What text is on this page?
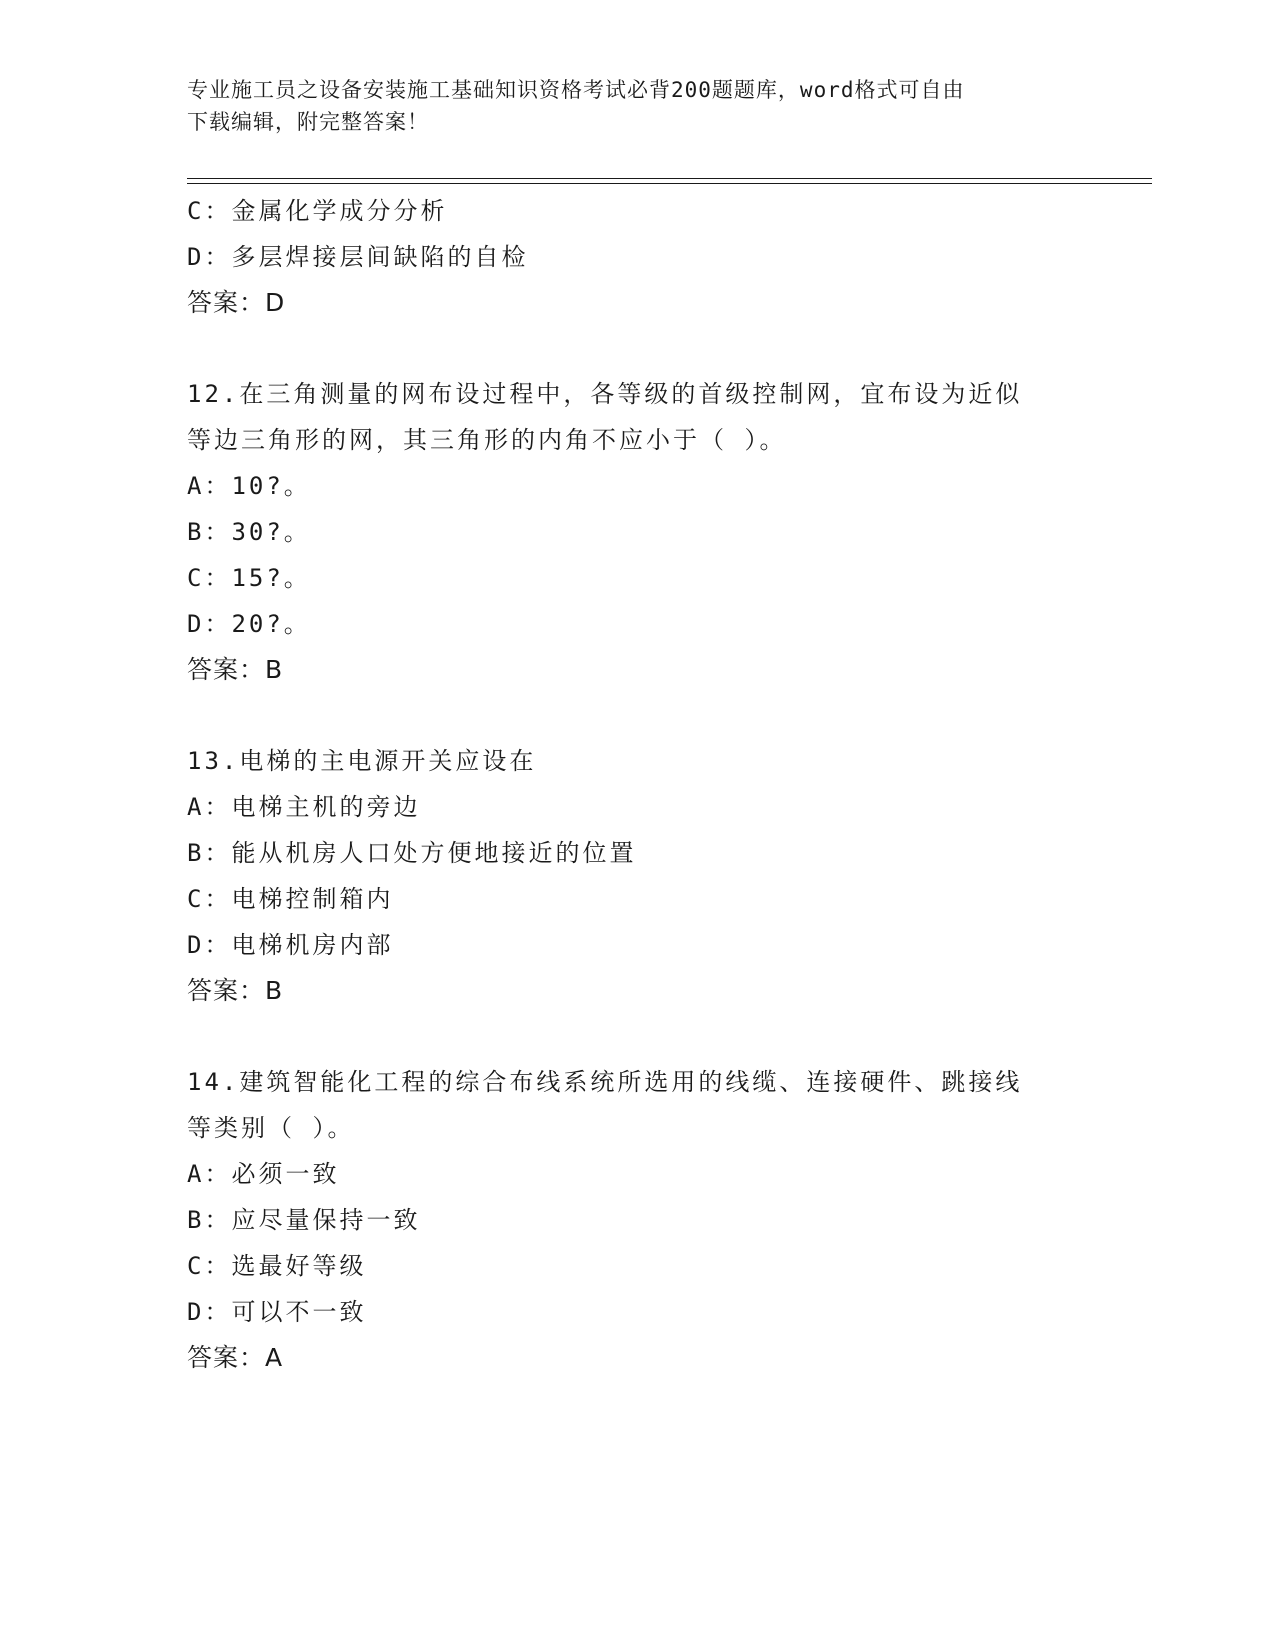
专业施工员之设备安装施工基础知识资格考试必背200题题库，word格式可自由
下载编辑，附完整答案！
C：金属化学成分分析
D：多层焊接层间缺陷的自检
答案：D
12.在三角测量的网布设过程中，各等级的首级控制网，宜布设为近似
等边三角形的网，其三角形的内角不应小于（ ）。
A：10?。
B：30?。
C：15?。
D：20?。
答案：B
13.电梯的主电源开关应设在
A：电梯主机的旁边
B：能从机房人口处方便地接近的位置
C：电梯控制箱内
D：电梯机房内部
答案：B
14.建筑智能化工程的综合布线系统所选用的线缆、连接硬件、跳接线
等类别（ ）。
A：必须一致
B：应尽量保持一致
C：选最好等级
D：可以不一致
答案：A
